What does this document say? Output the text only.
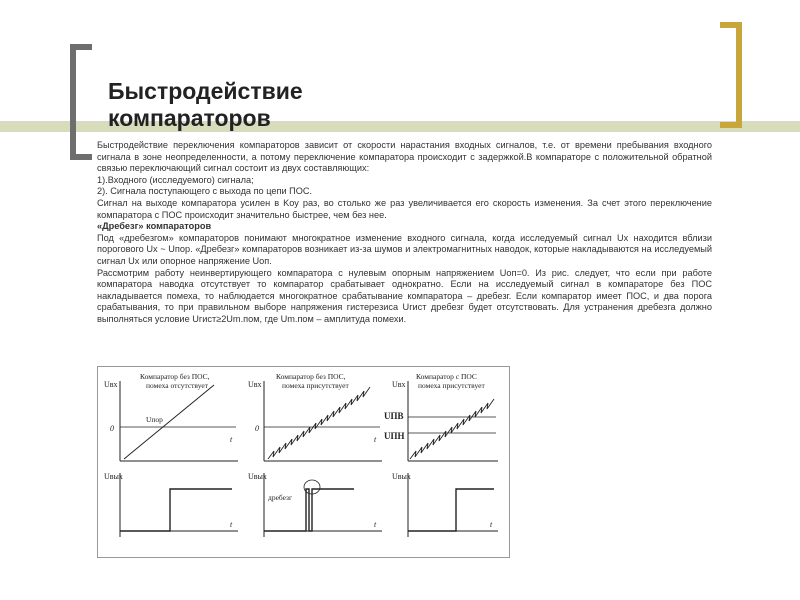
Быстродействие компараторов

Быстродействие переключения компараторов зависит от скорости нарастания входных сигналов, т.е. от времени пребывания входного сигнала в зоне неопределенности, а потому переключение компаратора происходит с задержкой.В компараторе с положительной обратной связью переключающий сигнал состоит из двух составляющих:

1).Входного (исследуемого) сигнала;

2). Сигнала поступающего с выхода по цепи ПОС.

Сигнал на выходе компаратора усилен в Kоу раз, во столько же раз увеличивается его скорость изменения. За счет этого переключение компаратора с ПОС происходит значительно быстрее, чем без нее.

«Дребезг» компараторов

Под «дребезгом» компараторов понимают многократное изменение входного сигнала, когда исследуемый сигнал Ux находится вблизи порогового Ux ~ Uпор. «Дребезг» компараторов возникает из-за шумов и электромагнитных наводок, которые накладываются на исследуемый сигнал Ux или опорное напряжение Uоп.

Рассмотрим работу неинвертирующего компаратора с нулевым опорным напряжением Uоп=0. Из рис. следует, что если при работе компаратора наводка отсутствует то компаратор срабатывает однократно. Если на исследуемый сигнал в компараторе без ПОС накладывается помеха, то наблюдается многократное срабатывание компаратора – дребезг. Если компаратор имеет ПОС, и два порога срабатывания, то при правильном выборе напряжения гистерезиса Uгист дребезг будет отсутствовать. Для устранения дребезга должно выполняться условие Uгист≥2Um.пом, где Um.пом – амплитуда помехи.

Uвх
0
t
Компаратор без ПОС,
помеха отсутствует
Uпор
Uвых
t
Uвх
0
t
Компаратор без ПОС,
помеха присутствует
дребезг
Uвых
t
Uвх
Компаратор с ПОС
помеха присутствует
UПВ
UПН
Uвых
t
